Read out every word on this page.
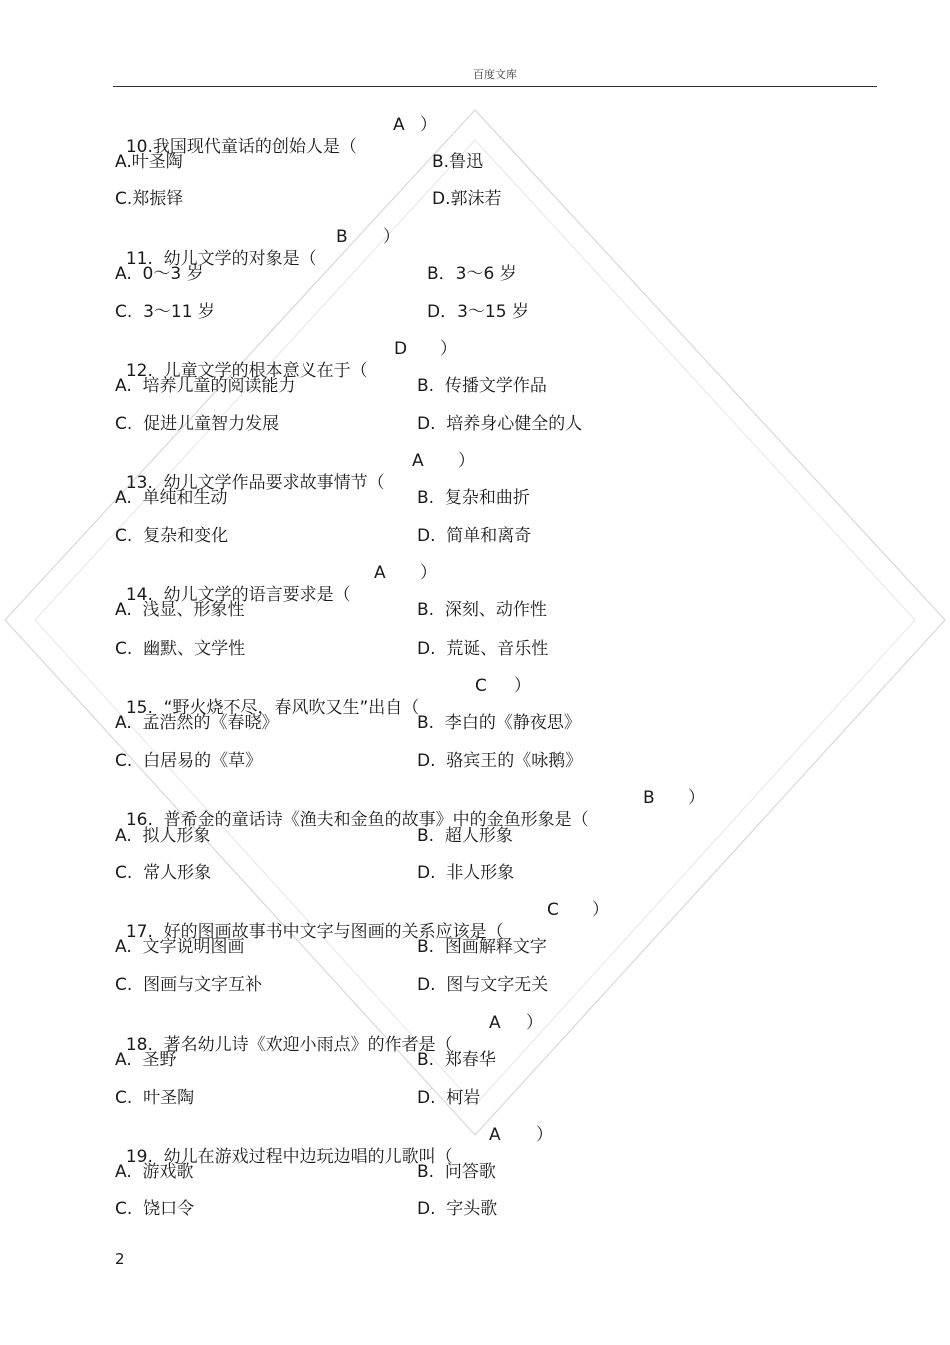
百度文库

10.我国现代童话的创始人是（

A ）
A.叶圣陶	B.鲁迅
C.郑振铎	D.郭沫若

11. 幼儿文学的对象是（

B ）
A.  0～3 岁	B．3～6 岁
C.  3～11 岁	D．3～15 岁

12. 儿童文学的根本意义在于（

D ）
A.  培养儿童的阅读能力	B.  传播文学作品
C.  促进儿童智力发展	D.  培养身心健全的人

13. 幼儿文学作品要求故事情节（

A ）
A.  单纯和生动	B.  复杂和曲折
C.  复杂和变化	D.  简单和离奇

14. 幼儿文学的语言要求是（

A ）
A.  浅显、形象性	B.  深刻、动作性
C.  幽默、文学性	D.  荒诞、音乐性

15. “野火烧不尽，春风吹又生”出自（

C ）
A.  孟浩然的《春晓》	B.  李白的《静夜思》
C.  白居易的《草》	D.  骆宾王的《咏鹅》

16. 普希金的童话诗《渔夫和金鱼的故事》中的金鱼形象是（

B ）
A.  拟人形象	B.  超人形象
C.  常人形象	D.  非人形象

17. 好的图画故事书中文字与图画的关系应该是（

C ）
A.  文字说明图画	B.  图画解释文字
C.  图画与文字互补	D.  图与文字无关

18. 著名幼儿诗《欢迎小雨点》的作者是（

A ）
A.  圣野	B.  郑春华
C.  叶圣陶	D.  柯岩

19. 幼儿在游戏过程中边玩边唱的儿歌叫（

A ）
A.  游戏歌	B.  问答歌
C.  饶口令	D.  字头歌
2
